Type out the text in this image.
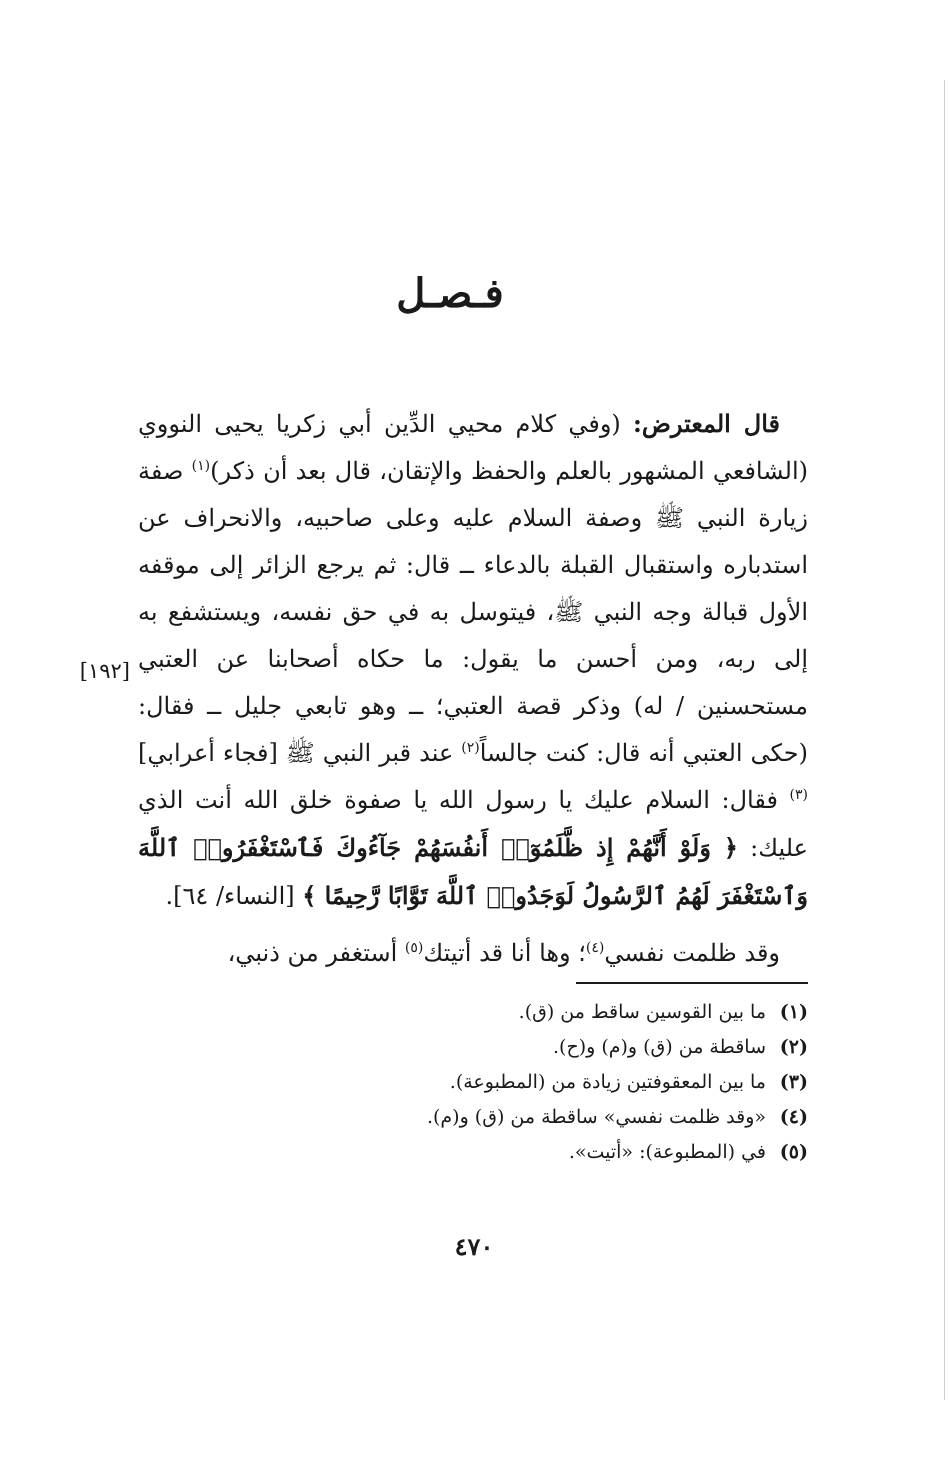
فـصـل
[١٩٢]

قال المعترض: (وفي كلام محيي الدِّين أبي زكريا يحيى النووي (الشافعي المشهور بالعلم والحفظ والإتقان، قال بعد أن ذكر)$^{(١)}$ صفة زيارة النبي ﷺ وصفة السلام عليه وعلى صاحبيه، والانحراف عن استدباره واستقبال القبلة بالدعاء ــ قال: ثم يرجع الزائر إلى موقفه الأول قبالة وجه النبي ﷺ، فيتوسل به في حق نفسه، ويستشفع به إلى ربه، ومن أحسن ما يقول: ما حكاه أصحابنا عن العتبي مستحسنين / له) وذكر قصة العتبي؛ ــ وهو تابعي جليل ــ فقال: (حكى العتبي أنه قال: كنت جالساً$^{(٢)}$ عند قبر النبي ﷺ [فجاء أعرابي]$^{(٣)}$ فقال: السلام عليك يا رسول الله يا صفوة خلق الله أنت الذي عليك: ﴿ وَلَوْ أَنَّهُمْ إِذ ظَّلَمُوٓا۟ أَنفُسَهُمْ جَآءُوكَ فَٱسْتَغْفَرُوا۟ ٱللَّهَ وَٱسْتَغْفَرَ لَهُمُ ٱلرَّسُولُ لَوَجَدُوا۟ ٱللَّهَ تَوَّابًا رَّحِيمًا ﴾ [النساء/ ٦٤].

وقد ظلمت نفسي$^{(٤)}$؛ وها أنا قد أتيتك$^{(٥)}$ أستغفر من ذنبي،

(١)ما بين القوسين ساقط من (ق).
(٢)ساقطة من (ق) و(م) و(ح).
(٣)ما بين المعقوفتين زيادة من (المطبوعة).
(٤)«وقد ظلمت نفسي» ساقطة من (ق) و(م).
(٥)في (المطبوعة): «أتيت».
٤٧٠
